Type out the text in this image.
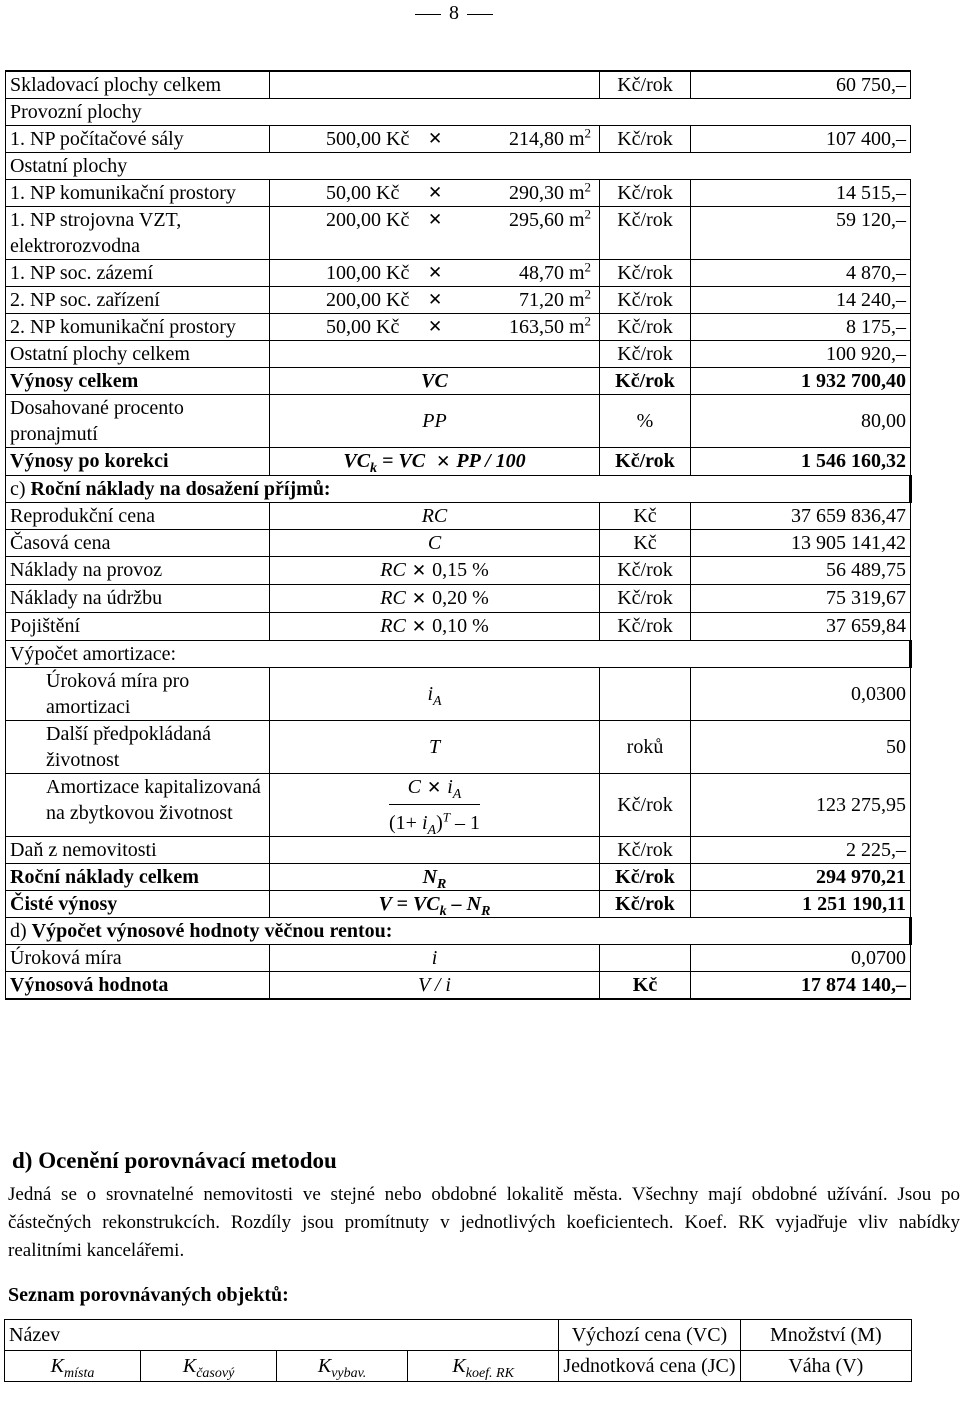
8
Skladovací plochy celkem		Kč/rok	60 750,–
Provozní plochy			
1. NP počítačové sály	500,00 Kč ✕ 214,80 $m^2$	Kč/rok	107 400,–
Ostatní plochy			
1. NP komunikační prostory	50,00 Kč ✕ 290,30 $m^2$	Kč/rok	14 515,–
1. NP strojovna VZT, elektrorozvodna	200,00 Kč ✕ 295,60 $m^2$	Kč/rok	59 120,–
1. NP soc. zázemí	100,00 Kč ✕ 48,70 $m^2$	Kč/rok	4 870,–
2. NP soc. zařízení	200,00 Kč ✕ 71,20 $m^2$	Kč/rok	14 240,–
2. NP komunikační prostory	50,00 Kč ✕ 163,50 $m^2$	Kč/rok	8 175,–
Ostatní plochy celkem		Kč/rok	100 920,–
Výnosy celkem	VC	Kč/rok	1 932 700,40
Dosahované procento pronajmutí	PP	%	80,00
Výnosy po korekci	$VC_k$ = VC ✕ PP / 100	Kč/rok	1 546 160,32
c) Roční náklady na dosažení příjmů:			
Reprodukční cena	RC	Kč	37 659 836,47
Časová cena	C	Kč	13 905 141,42
Náklady na provoz	RC ✕ 0,15 %	Kč/rok	56 489,75
Náklady na údržbu	RC ✕ 0,20 %	Kč/rok	75 319,67
Pojištění	RC ✕ 0,10 %	Kč/rok	37 659,84
Výpočet amortizace:			
Úroková míra pro amortizaci	$i_A$		0,0300
Další předpokládaná životnost	T	roků	50
Amortizace kapitalizovaná na zbytkovou životnost	$\frac{C ✕ i_A}{(1+ i_A)^T - 1}$	Kč/rok	123 275,95
Daň z nemovitosti		Kč/rok	2 225,–
Roční náklady celkem	$N_R$	Kč/rok	294 970,21
Čisté výnosy	$V = VC_k - N_R$	Kč/rok	1 251 190,11
d) Výpočet výnosové hodnoty věčnou rentou:			
Úroková míra	i		0,0700
Výnosová hodnota	V / i	Kč	17 874 140,–
d) Ocenění porovnávací metodou
Jedná se o srovnatelné nemovitosti ve stejné nebo obdobné lokalitě města. Všechny mají obdobné užívání. Jsou po částečných rekonstrukcích. Rozdíly jsou promítnuty v jednotlivých koeficientech. Koef. RK vyjadřuje vliv nabídky realitními kancelářemi.
Seznam porovnávaných objektů:
Název				Výchozí cena (VC)	Množství (M)
$K_{místa}$	$K_{časový}$	$K_{vybav.}$	$K_{koef. RK}$	Jednotková cena (JC)	Váha (V)
